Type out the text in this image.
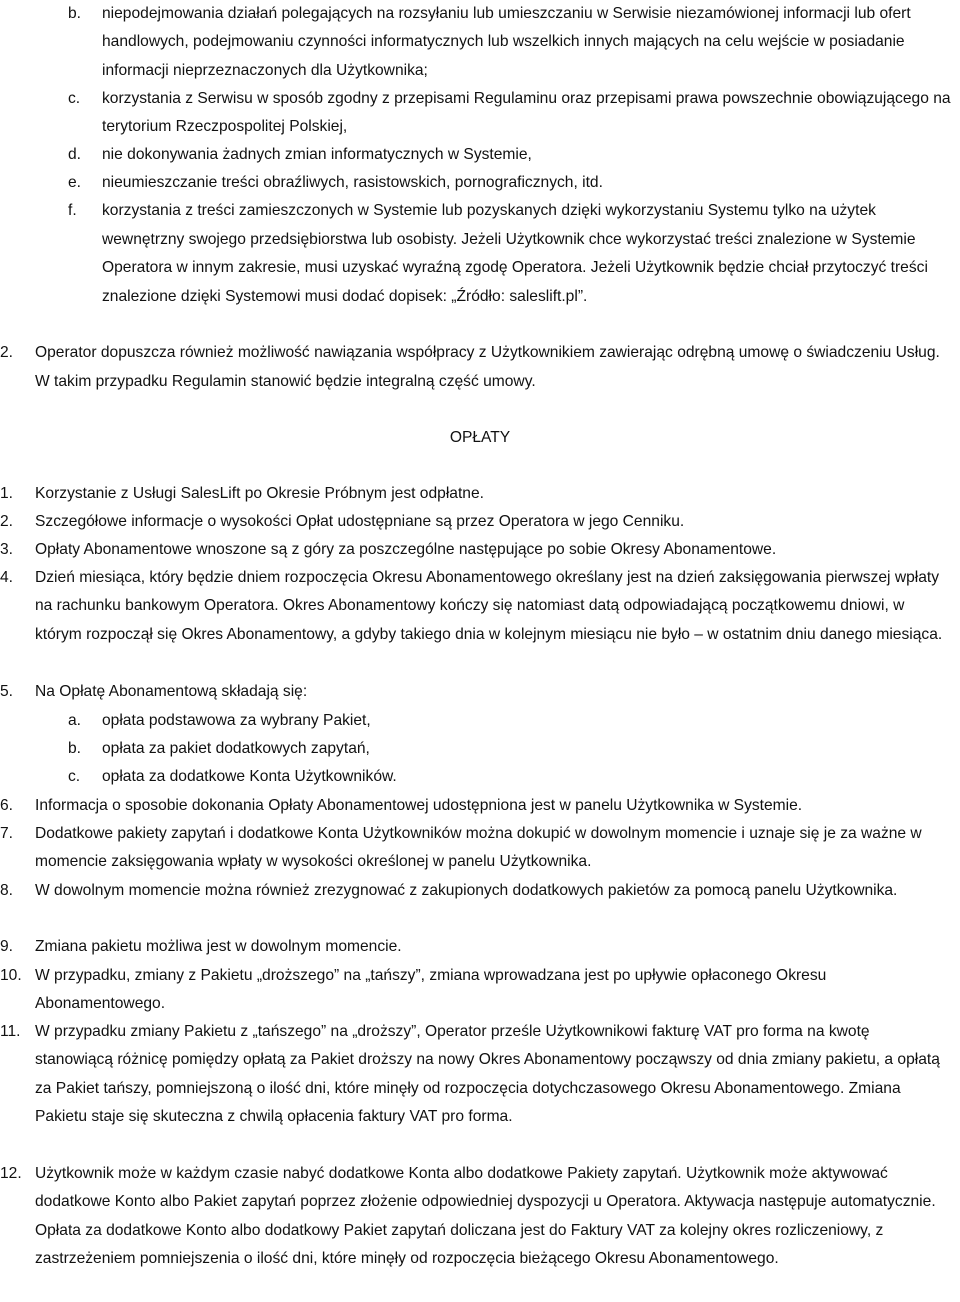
b.	niepodejmowania działań polegających na rozsyłaniu lub umieszczaniu w Serwisie niezamówionej informacji lub ofert handlowych, podejmowaniu czynności informatycznych lub wszelkich innych mających na celu wejście w posiadanie informacji nieprzeznaczonych dla Użytkownika;
c.	korzystania z Serwisu w sposób zgodny z przepisami Regulaminu oraz przepisami prawa powszechnie obowiązującego na terytorium Rzeczpospolitej Polskiej,
d.	nie dokonywania żadnych zmian informatycznych w Systemie,
e.	nieumieszczanie treści obraźliwych, rasistowskich, pornograficznych, itd.
f.	korzystania z treści zamieszczonych w Systemie lub pozyskanych dzięki wykorzystaniu Systemu tylko na użytek wewnętrzny swojego przedsiębiorstwa lub osobisty. Jeżeli Użytkownik chce wykorzystać treści znalezione w Systemie Operatora w innym zakresie, musi uzyskać wyraźną zgodę Operatora. Jeżeli Użytkownik będzie chciał przytoczyć treści znalezione dzięki Systemowi musi dodać dopisek: „Źródło: saleslift.pl”.
2.	Operator dopuszcza również możliwość nawiązania współpracy z Użytkownikiem zawierając odrębną umowę o świadczeniu Usług. W takim przypadku Regulamin stanowić będzie integralną część umowy.
OPŁATY
1.	Korzystanie z Usługi SalesLift po Okresie Próbnym jest odpłatne.
2.	Szczegółowe informacje o wysokości Opłat udostępniane są przez Operatora w jego Cenniku.
3.	Opłaty Abonamentowe wnoszone są z góry za poszczególne następujące po sobie Okresy Abonamentowe.
4.	Dzień miesiąca, który będzie dniem rozpoczęcia Okresu Abonamentowego określany jest na dzień zaksięgowania pierwszej wpłaty na rachunku bankowym Operatora. Okres Abonamentowy kończy się natomiast datą odpowiadającą początkowemu dniowi, w którym rozpoczął się Okres Abonamentowy, a gdyby takiego dnia w kolejnym miesiącu nie było – w ostatnim dniu danego miesiąca.
5.	Na Opłatę Abonamentową składają się:
a.	opłata podstawowa za wybrany Pakiet,
b.	opłata za pakiet dodatkowych zapytań,
c.	opłata za dodatkowe Konta Użytkowników.
6.	Informacja o sposobie dokonania Opłaty Abonamentowej udostępniona jest w panelu Użytkownika w Systemie.
7.	Dodatkowe pakiety zapytań i dodatkowe Konta Użytkowników można dokupić w dowolnym momencie i uznaje się je za ważne w momencie zaksięgowania wpłaty w wysokości określonej w panelu Użytkownika.
8.	W dowolnym momencie można również zrezygnować z zakupionych dodatkowych pakietów za pomocą panelu Użytkownika.
9.	Zmiana pakietu możliwa jest w dowolnym momencie.
10. W przypadku, zmiany z Pakietu „droższego” na „tańszy”, zmiana wprowadzana jest po upływie opłaconego Okresu Abonamentowego.
11. W przypadku zmiany Pakietu z „tańszego” na „droższy”, Operator prześle Użytkownikowi fakturę VAT pro forma na kwotę stanowiącą różnicę pomiędzy opłatą za Pakiet droższy na nowy Okres Abonamentowy począwszy od dnia zmiany pakietu, a opłatą za Pakiet tańszy, pomniejszoną o ilość dni, które minęły od rozpoczęcia dotychczasowego Okresu Abonamentowego. Zmiana Pakietu staje się skuteczna z chwilą opłacenia faktury VAT pro forma.
12. Użytkownik może w każdym czasie nabyć dodatkowe Konta albo dodatkowe Pakiety zapytań. Użytkownik może aktywować dodatkowe Konto albo Pakiet zapytań poprzez złożenie odpowiedniej dyspozycji u Operatora. Aktywacja następuje automatycznie. Opłata za dodatkowe Konto albo dodatkowy Pakiet zapytań doliczana jest do Faktury VAT za kolejny okres rozliczeniowy, z zastrzeżeniem pomniejszenia o ilość dni, które minęły od rozpoczęcia bieżącego Okresu Abonamentowego.
